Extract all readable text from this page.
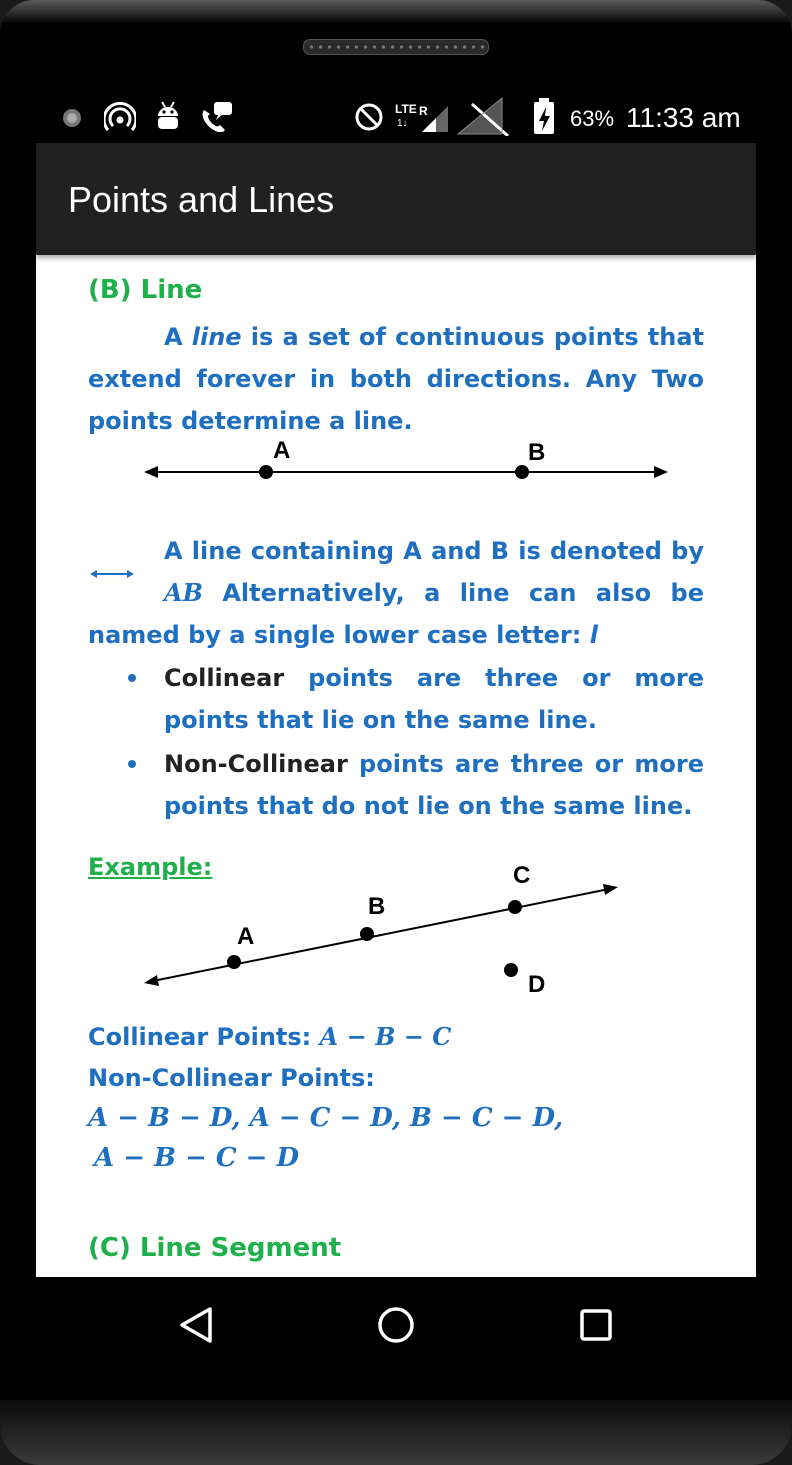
LTE R
1↓	63% 11:33 am
Points and Lines
(B) Line
A line is a set of continuous points that extend forever in both directions. Any Two points determine a line.
A	B
A line containing A and B is denoted by
AB Alternatively, a line can also be named by a single lower case letter: l
Collinear points are three or more points that lie on the same line.
Non-Collinear points are three or more points that do not lie on the same line.
Example:
A
B
C
D
Collinear Points: A − B − C
Non-Collinear Points:
A − B − D, A − C − D, B − C − D,
A − B − C − D
(C) Line Segment
